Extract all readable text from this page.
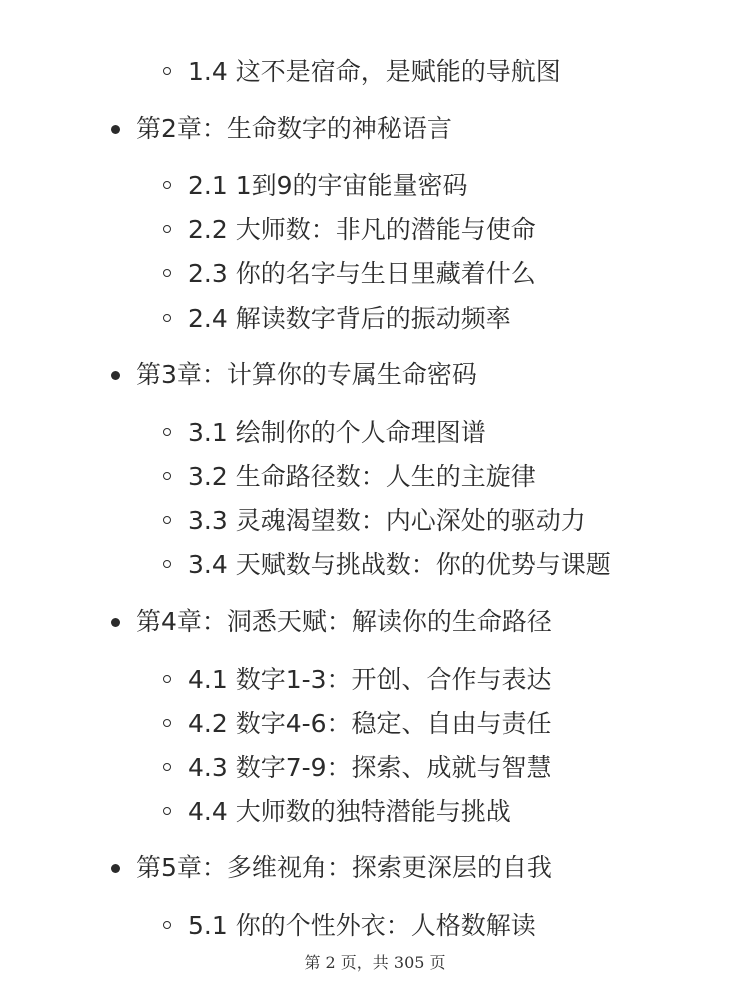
1.4 这不是宿命，是赋能的导航图
第2章：生命数字的神秘语言
2.1 1到9的宇宙能量密码
2.2 大师数：非凡的潜能与使命
2.3 你的名字与生日里藏着什么
2.4 解读数字背后的振动频率
第3章：计算你的专属生命密码
3.1 绘制你的个人命理图谱
3.2 生命路径数：人生的主旋律
3.3 灵魂渴望数：内心深处的驱动力
3.4 天赋数与挑战数：你的优势与课题
第4章：洞悉天赋：解读你的生命路径
4.1 数字1-3：开创、合作与表达
4.2 数字4-6：稳定、自由与责任
4.3 数字7-9：探索、成就与智慧
4.4 大师数的独特潜能与挑战
第5章：多维视角：探索更深层的自我
5.1 你的个性外衣：人格数解读
第 2 页，共 305 页
